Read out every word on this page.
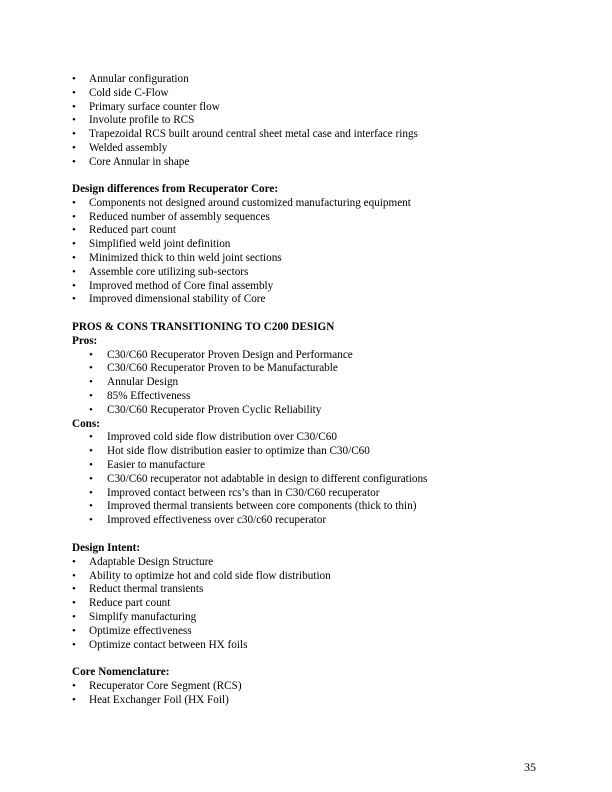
• Annular configuration
• Cold side C-Flow
• Primary surface counter flow
• Involute profile to RCS
• Trapezoidal RCS built around central sheet metal case and interface rings
• Welded assembly
• Core Annular in shape
Design differences from Recuperator Core:
• Components not designed around customized manufacturing equipment
• Reduced number of assembly sequences
• Reduced part count
• Simplified weld joint definition
• Minimized thick to thin weld joint sections
• Assemble core utilizing sub-sectors
• Improved method of Core final assembly
• Improved dimensional stability of Core
PROS & CONS TRANSITIONING TO C200 DESIGN
Pros:
• C30/C60 Recuperator Proven Design and Performance
• C30/C60 Recuperator Proven to be Manufacturable
• Annular Design
• 85% Effectiveness
• C30/C60 Recuperator Proven Cyclic Reliability
Cons:
• Improved cold side flow distribution over C30/C60
• Hot side flow distribution easier to optimize than C30/C60
• Easier to manufacture
• C30/C60 recuperator not adabtable in design to different configurations
• Improved contact between rcs’s than in C30/C60 recuperator
• Improved thermal transients between core components (thick to thin)
• Improved effectiveness over c30/c60 recuperator
Design Intent:
• Adaptable Design Structure
• Ability to optimize hot and cold side flow distribution
• Reduct thermal transients
• Reduce part count
• Simplify manufacturing
• Optimize effectiveness
• Optimize contact between HX foils
Core Nomenclature:
• Recuperator Core Segment (RCS)
• Heat Exchanger Foil (HX Foil)
35
